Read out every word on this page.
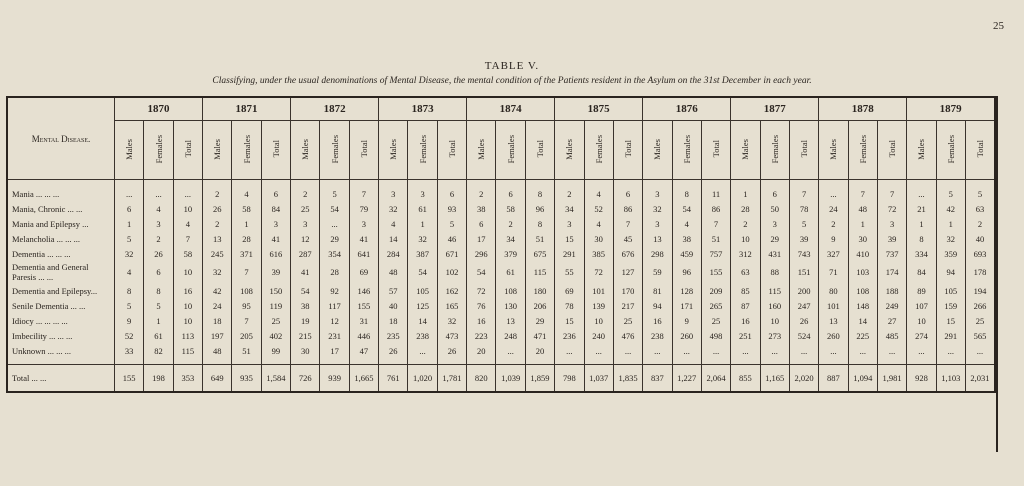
25
TABLE V.
Classifying, under the usual denominations of Mental Disease, the mental condition of the Patients resident in the Asylum on the 31st December in each year.
Mental Disease.	1870			1871			1872			1873			1874			1875			1876			1877			1878			1879		
	Males	Females	Total	Males	Females	Total	Males	Females	Total	Males	Females	Total	Males	Females	Total	Males	Females	Total	Males	Females	Total	Males	Females	Total	Males	Females	Total	Males	Females	Total

Mania ... ... ...	...	...	...	2	4	6	2	5	7	3	3	6	2	6	8	2	4	6	3	8	11	1	6	7	...	7	7	...	5	5
Mania, Chronic ... ...	6	4	10	26	58	84	25	54	79	32	61	93	38	58	96	34	52	86	32	54	86	28	50	78	24	48	72	21	42	63
Mania and Epilepsy ...	1	3	4	2	1	3	3	...	3	4	1	5	6	2	8	3	4	7	3	4	7	2	3	5	2	1	3	1	1	2
Melancholia ... ... ...	5	2	7	13	28	41	12	29	41	14	32	46	17	34	51	15	30	45	13	38	51	10	29	39	9	30	39	8	32	40
Dementia ... ... ...	32	26	58	245	371	616	287	354	641	284	387	671	296	379	675	291	385	676	298	459	757	312	431	743	327	410	737	334	359	693
Dementia and General Paresis ... ...	4	6	10	32	7	39	41	28	69	48	54	102	54	61	115	55	72	127	59	96	155	63	88	151	71	103	174	84	94	178
Dementia and Epilepsy...	8	8	16	42	108	150	54	92	146	57	105	162	72	108	180	69	101	170	81	128	209	85	115	200	80	108	188	89	105	194
Senile Dementia ... ...	5	5	10	24	95	119	38	117	155	40	125	165	76	130	206	78	139	217	94	171	265	87	160	247	101	148	249	107	159	266
Idiocy ... ... ... ...	9	1	10	18	7	25	19	12	31	18	14	32	16	13	29	15	10	25	16	9	25	16	10	26	13	14	27	10	15	25
Imbecility ... ... ...	52	61	113	197	205	402	215	231	446	235	238	473	223	248	471	236	240	476	238	260	498	251	273	524	260	225	485	274	291	565
Unknown ... ... ...	33	82	115	48	51	99	30	17	47	26	...	26	20	...	20	...	...	...	...	...	...	...	...	...	...	...	...	...	...	...

Total ... ...	155	198	353	649	935	1,584	726	939	1,665	761	1,020	1,781	820	1,039	1,859	798	1,037	1,835	837	1,227	2,064	855	1,165	2,020	887	1,094	1,981	928	1,103	2,031
